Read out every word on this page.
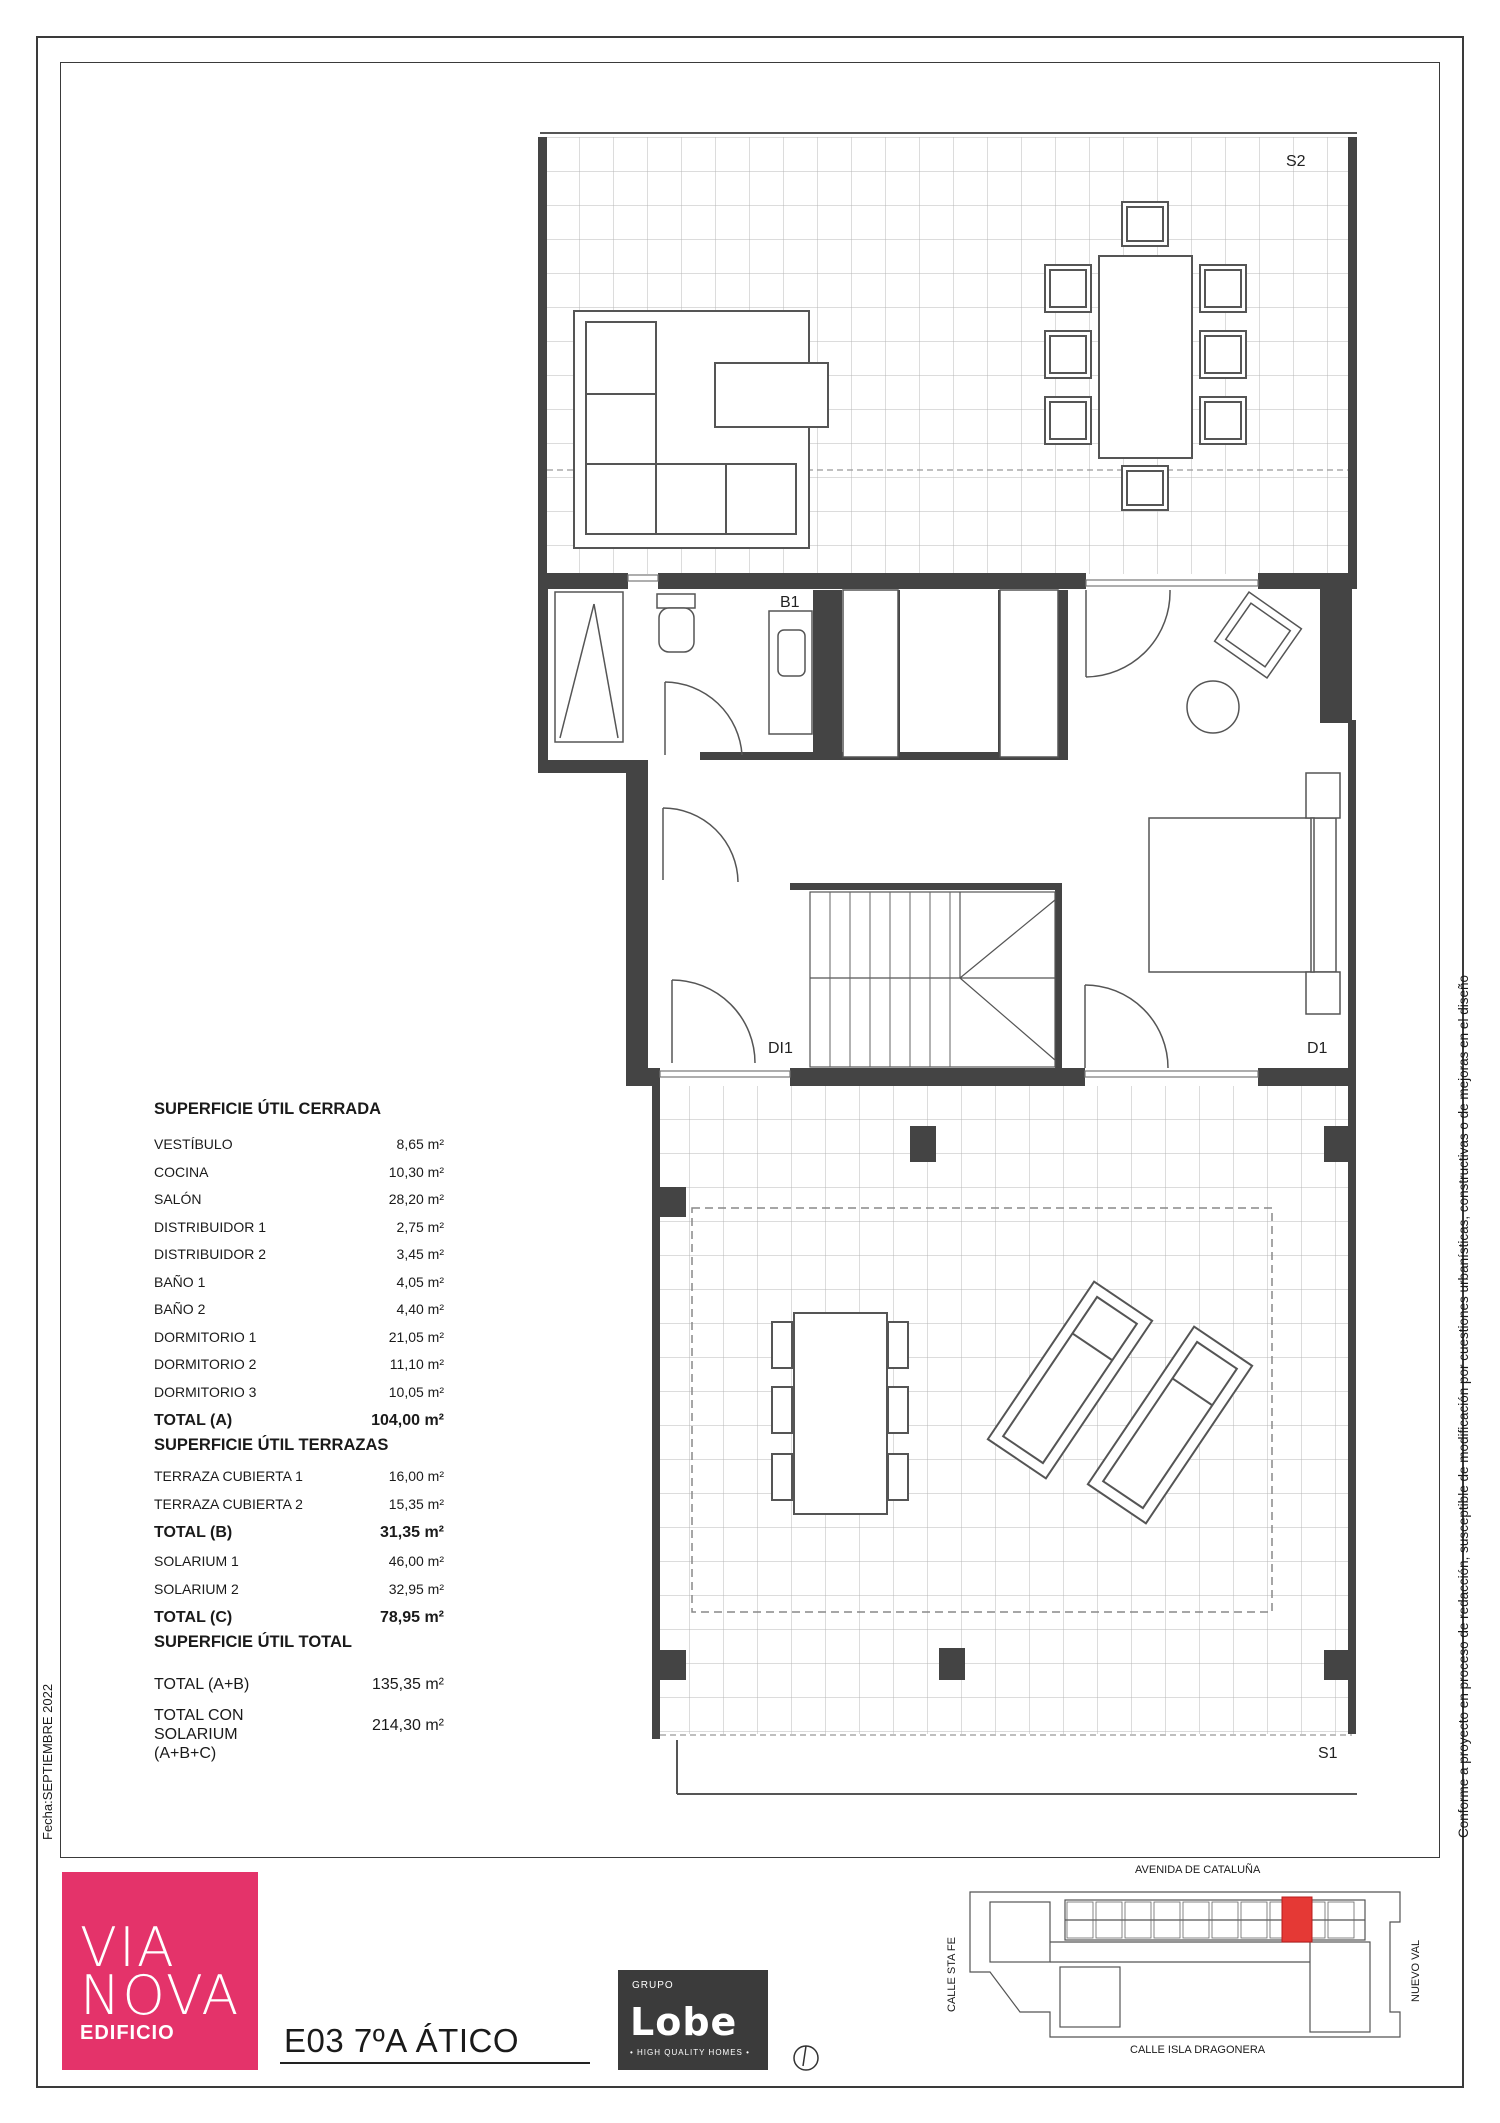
S2
B1
DI1	D1
S1
SUPERFICIE ÚTIL CERRADA
VESTÍBULO	8,65 m²
COCINA	10,30 m²
SALÓN	28,20 m²
DISTRIBUIDOR 1	2,75 m²
DISTRIBUIDOR 2	3,45 m²
BAÑO 1	4,05 m²
BAÑO 2	4,40 m²
DORMITORIO 1	21,05 m²
DORMITORIO 2	11,10 m²
DORMITORIO 3	10,05 m²
TOTAL (A)	104,00 m²
SUPERFICIE ÚTIL TERRAZAS
TERRAZA CUBIERTA 1	16,00 m²
TERRAZA CUBIERTA 2	15,35 m²
TOTAL (B)	31,35 m²
SOLARIUM 1	46,00 m²
SOLARIUM 2	32,95 m²
TOTAL (C)	78,95 m²
SUPERFICIE ÚTIL TOTAL
TOTAL (A+B)	135,35 m²
TOTAL CON
SOLARIUM
(A+B+C)
214,30 m²
Fecha:SEPTIEMBRE 2022	Conforme a proyecto en proceso de redacción, susceptible de modificación por cuestiones urbanísticas, constructivas o de mejoras en el diseño
VIA
NOVA
EDIFICIO	E03 7ºA ÁTICO
GRUPO
Lobe
• HIGH QUALITY HOMES •
AVENIDA DE CATALUÑA
CALLE ISLA DRAGONERA
CALLE STA FE	NUEVO VAL
